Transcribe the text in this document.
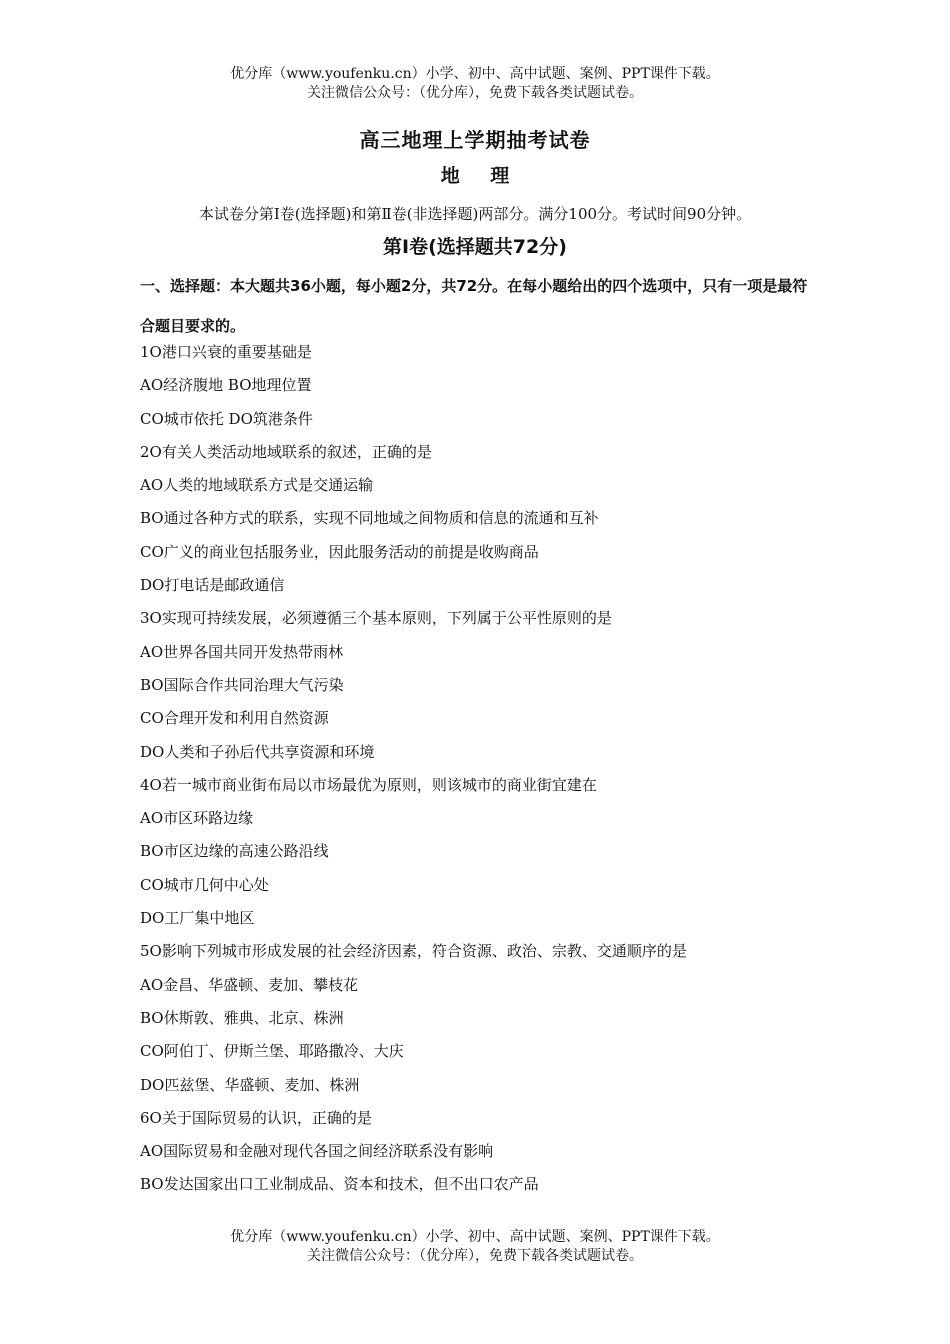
优分库（www.youfenku.cn）小学、初中、高中试题、案例、PPT课件下载。
关注微信公众号：（优分库），免费下载各类试题试卷。
高三地理上学期抽考试卷
地 理
本试卷分第Ⅰ卷(选择题)和第Ⅱ卷(非选择题)两部分。满分100分。考试时间90分钟。
第Ⅰ卷(选择题共72分)
一、选择题：本大题共36小题，每小题2分，共72分。在每小题给出的四个选项中，只有一项是最符合题目要求的。
1O港口兴衰的重要基础是
AO经济腹地 BO地理位置
CO城市依托 DO筑港条件
2O有关人类活动地域联系的叙述，正确的是
AO人类的地域联系方式是交通运输
BO通过各种方式的联系，实现不同地域之间物质和信息的流通和互补
CO广义的商业包括服务业，因此服务活动的前提是收购商品
DO打电话是邮政通信
3O实现可持续发展，必须遵循三个基本原则，下列属于公平性原则的是
AO世界各国共同开发热带雨林
BO国际合作共同治理大气污染
CO合理开发和利用自然资源
DO人类和子孙后代共享资源和环境
4O若一城市商业街布局以市场最优为原则，则该城市的商业街宜建在
AO市区环路边缘
BO市区边缘的高速公路沿线
CO城市几何中心处
DO工厂集中地区
5O影响下列城市形成发展的社会经济因素，符合资源、政治、宗教、交通顺序的是
AO金昌、华盛顿、麦加、攀枝花
BO休斯敦、雅典、北京、株洲
CO阿伯丁、伊斯兰堡、耶路撒冷、大庆
DO匹兹堡、华盛顿、麦加、株洲
6O关于国际贸易的认识，正确的是
AO国际贸易和金融对现代各国之间经济联系没有影响
BO发达国家出口工业制成品、资本和技术，但不出口农产品
优分库（www.youfenku.cn）小学、初中、高中试题、案例、PPT课件下载。
关注微信公众号：（优分库），免费下载各类试题试卷。
